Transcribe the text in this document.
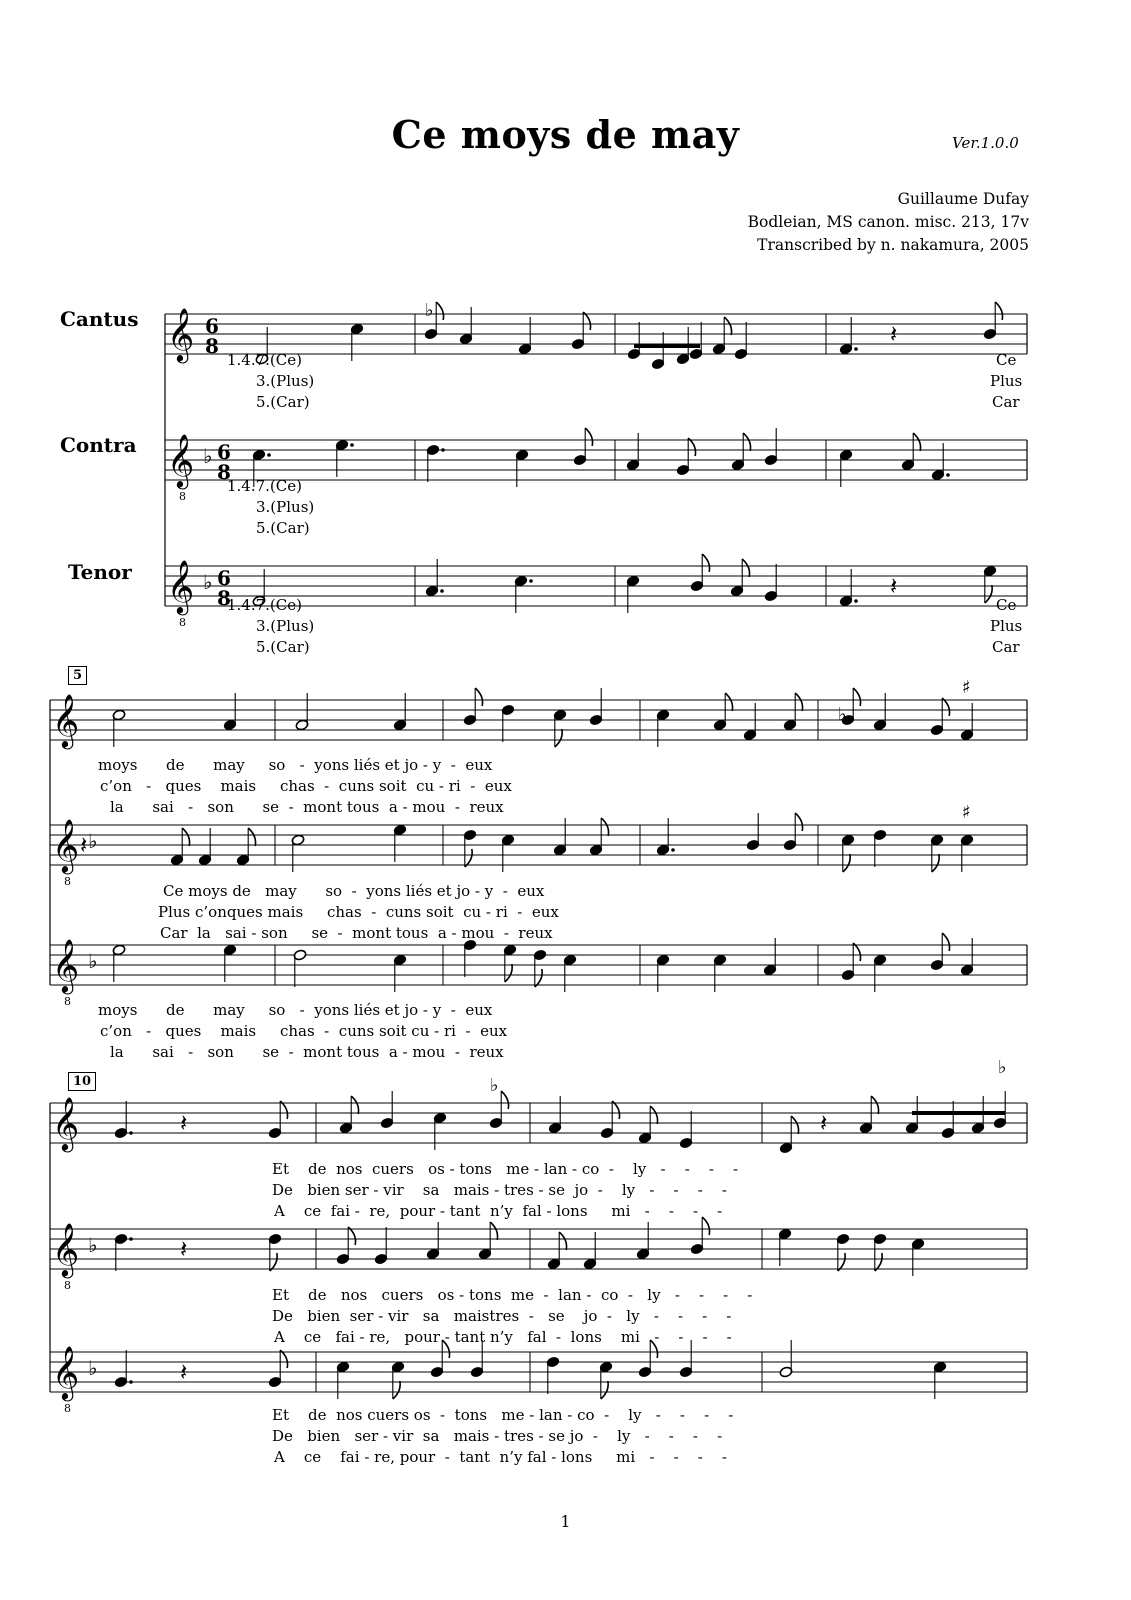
Ce moys de may	Ver.1.0.0
Guillaume Dufay
Bodleian, MS canon. misc. 213, 17v
Transcribed by n. nakamura, 2005
Cantus
Contra
Tenor
5
10
𝄞 6
8
𝄞
8
♭ 6
8
𝄞
8
♭ 6
8
♭
𝄽
𝄽
𝄞
𝄞
8
♭
𝄞
8
♭
♭
♯
𝄽
♯
𝄞
𝄞
8
♭
𝄞
8
♭
𝄽
♭
𝄽
♭
𝄽
𝄽
1.4.7.(Ce)
3.(Plus)
5.(Car)
Ce
Plus
Car
1.4.7.(Ce)
3.(Plus)
5.(Car)
1.4.7.(Ce)
3.(Plus)
5.(Car)
Ce
Plus
Car
moys      de      may     so   -  yons liés et jo - y  -  eux
c’on   -   ques    mais     chas  -  cuns soit  cu - ri  -  eux
la      sai   -   son      se  -  mont tous  a - mou  -  reux
Ce moys de   may      so  -  yons liés et jo - y  -  eux
Plus c’onques mais     chas  -  cuns soit  cu - ri  -  eux
Car  la   sai - son     se  -  mont tous  a - mou  -  reux
moys      de      may     so   -  yons liés et jo - y  -  eux
c’on   -   ques    mais     chas  -  cuns soit cu - ri  -  eux
la      sai   -   son      se  -  mont tous  a - mou  -  reux
Et    de  nos  cuers   os - tons   me - lan - co  -    ly   -    -    -    -
De   bien ser - vir    sa   mais - tres - se  jo  -    ly   -    -    -    -
A    ce  fai -  re,  pour - tant  n’y  fal - lons     mi   -    -    -    -
Et    de   nos   cuers   os - tons  me  -  lan -  co  -   ly   -    -    -    -
De   bien  ser - vir   sa   maistres  -   se    jo  -   ly   -    -    -    -
A    ce   fai - re,   pour - tant n’y   fal  -  lons    mi   -    -    -    -
Et    de  nos cuers os  -  tons   me - lan - co  -    ly   -    -    -    -
De   bien   ser - vir  sa   mais - tres - se jo  -    ly   -    -    -    -
A    ce    fai - re, pour  -  tant  n’y fal - lons     mi   -    -    -    -
1
